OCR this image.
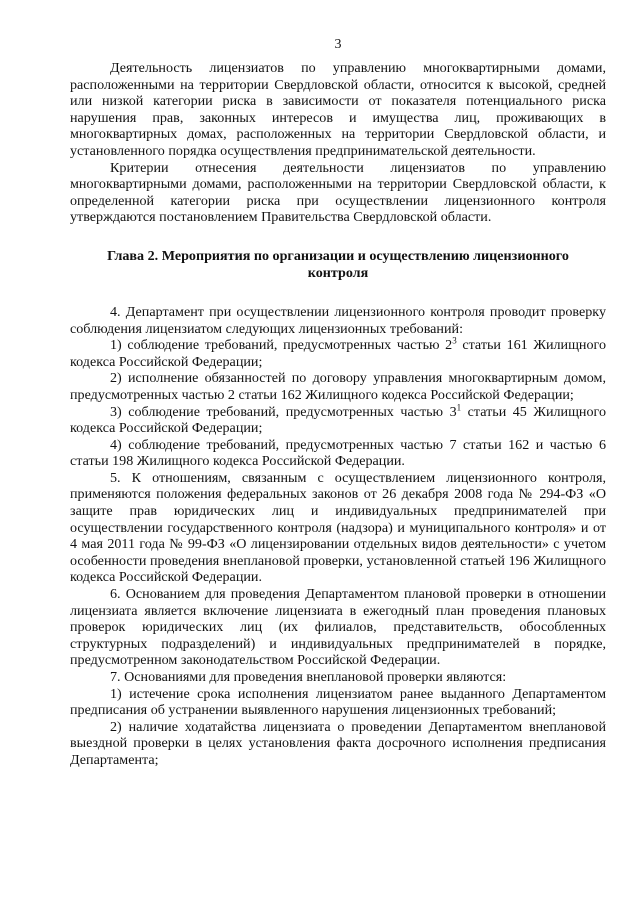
3

Деятельность лицензиатов по управлению многоквартирными домами, расположенными на территории Свердловской области, относится к высокой, средней или низкой категории риска в зависимости от показателя потенциального риска нарушения прав, законных интересов и имущества лиц, проживающих в многоквартирных домах, расположенных на территории Свердловской области, и установленного порядка осуществления предпринимательской деятельности.

Критерии отнесения деятельности лицензиатов по управлению многоквартирными домами, расположенными на территории Свердловской области, к определенной категории риска при осуществлении лицензионного контроля утверждаются постановлением Правительства Свердловской области.

Глава 2. Мероприятия по организации и осуществлению лицензионного контроля

4. Департамент при осуществлении лицензионного контроля проводит проверку соблюдения лицензиатом следующих лицензионных требований:

1) соблюдение требований, предусмотренных частью $2^3$ статьи 161 Жилищного кодекса Российской Федерации;

2) исполнение обязанностей по договору управления многоквартирным домом, предусмотренных частью 2 статьи 162 Жилищного кодекса Российской Федерации;

3) соблюдение требований, предусмотренных частью $3^1$ статьи 45 Жилищного кодекса Российской Федерации;

4) соблюдение требований, предусмотренных частью 7 статьи 162 и частью 6 статьи 198 Жилищного кодекса Российской Федерации.

5. К отношениям, связанным с осуществлением лицензионного контроля, применяются положения федеральных законов от 26 декабря 2008 года № 294-ФЗ «О защите прав юридических лиц и индивидуальных предпринимателей при осуществлении государственного контроля (надзора) и муниципального контроля» и от 4 мая 2011 года № 99-ФЗ «О лицензировании отдельных видов деятельности» с учетом особенности проведения внеплановой проверки, установленной статьей 196 Жилищного кодекса Российской Федерации.

6. Основанием для проведения Департаментом плановой проверки в отношении лицензиата является включение лицензиата в ежегодный план проведения плановых проверок юридических лиц (их филиалов, представительств, обособленных структурных подразделений) и индивидуальных предпринимателей в порядке, предусмотренном законодательством Российской Федерации.

7. Основаниями для проведения внеплановой проверки являются:

1) истечение срока исполнения лицензиатом ранее выданного Департаментом предписания об устранении выявленного нарушения лицензионных требований;

2) наличие ходатайства лицензиата о проведении Департаментом внеплановой выездной проверки в целях установления факта досрочного исполнения предписания Департамента;
